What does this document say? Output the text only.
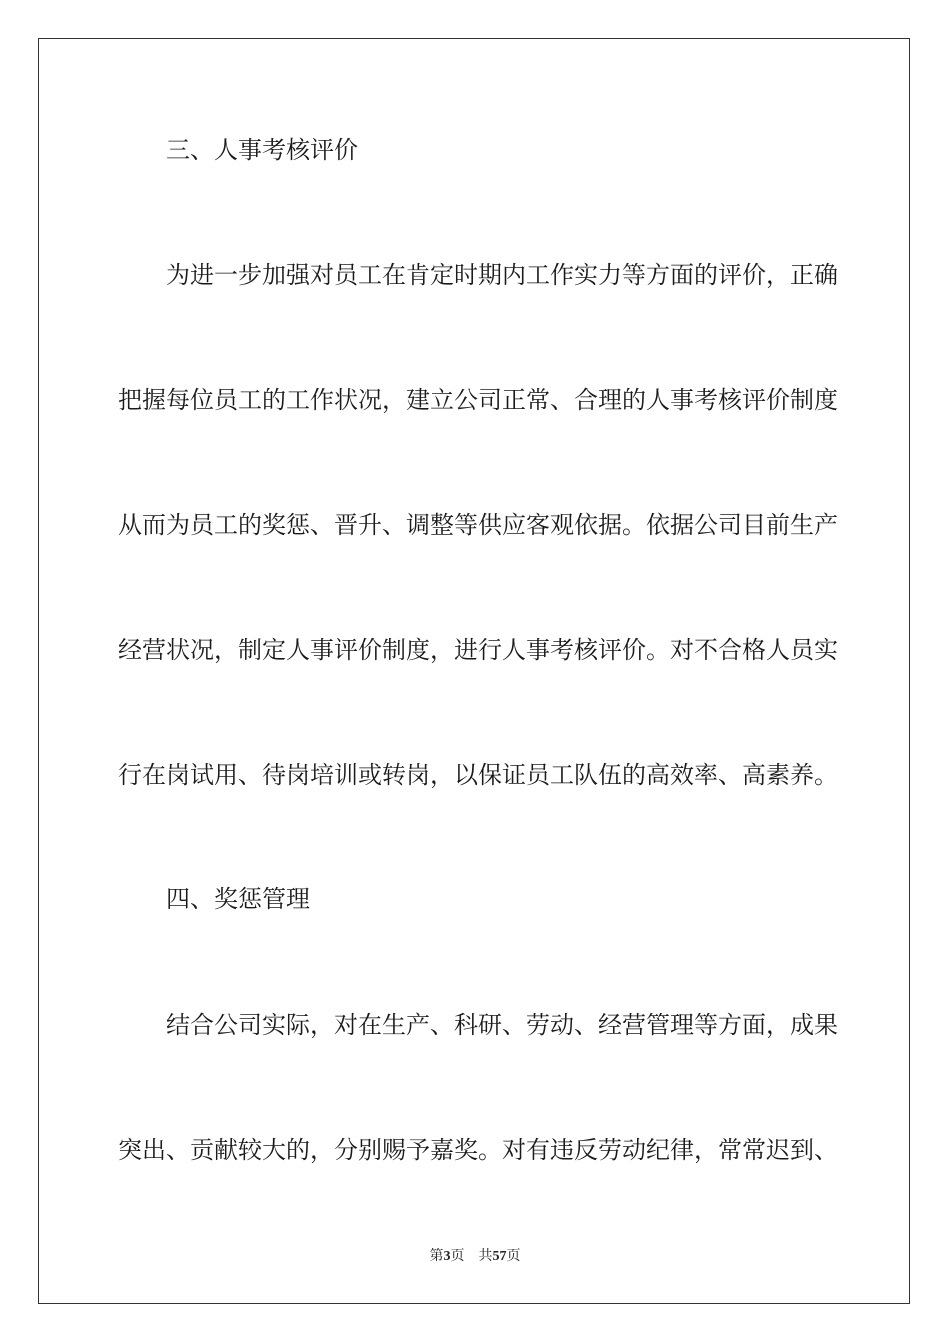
三、人事考核评价
为进一步加强对员工在肯定时期内工作实力等方面的评价，正确
把握每位员工的工作状况，建立公司正常、合理的人事考核评价制度
从而为员工的奖惩、晋升、调整等供应客观依据。依据公司目前生产
经营状况，制定人事评价制度，进行人事考核评价。对不合格人员实
行在岗试用、待岗培训或转岗，以保证员工队伍的高效率、高素养。
四、奖惩管理
结合公司实际，对在生产、科研、劳动、经营管理等方面，成果
突出、贡献较大的，分别赐予嘉奖。对有违反劳动纪律，常常迟到、
第3页 共57页
